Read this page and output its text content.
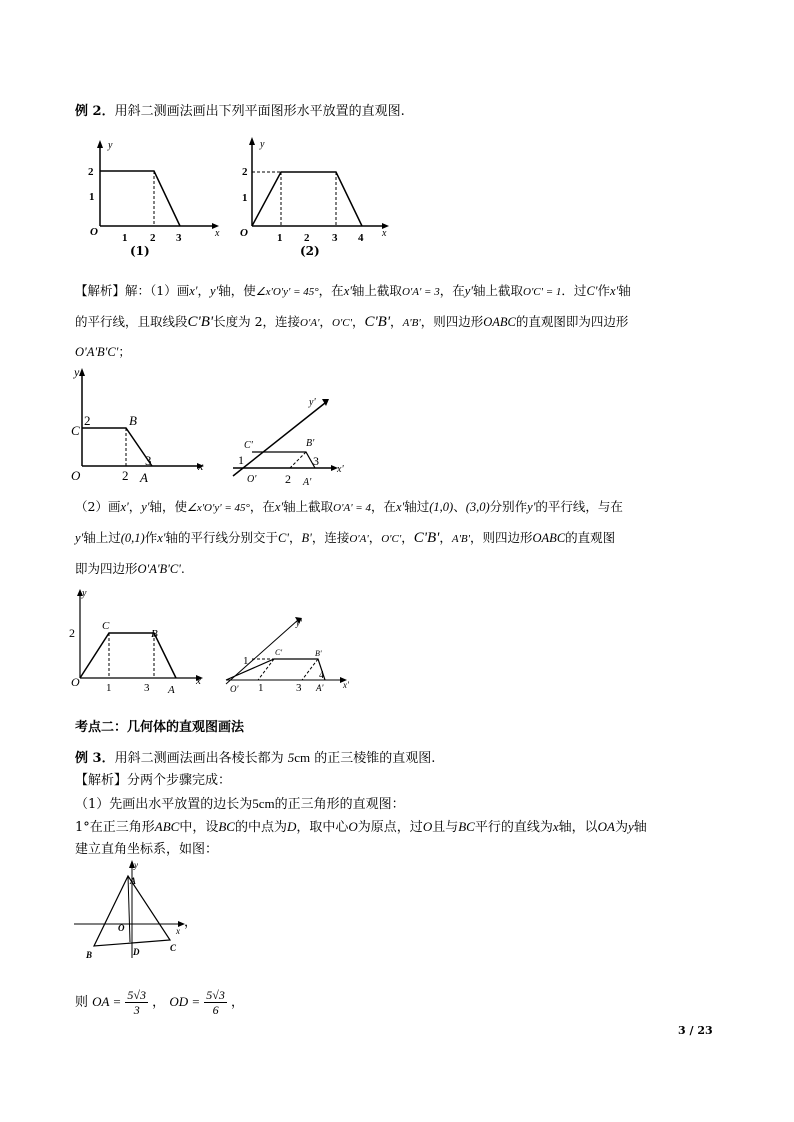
例 2．用斜二测画法画出下列平面图形水平放置的直观图.
y
x
O
2
1
1 2 3
(1)
y
x
O
2
1
1 2 3 4
(2)
【解析】解：（1）画x'，y'轴，使∠x'O'y' = 45°，在x'轴上截取O'A' = 3，在y'轴上截取O'C' = 1．过C'作x'轴
的平行线，且取线段C'B'长度为 2，连接O'A'，O'C'，C'B'，A'B'，则四边形OABC的直观图即为四边形
O'A'B'C'；
y
x
O
2
C
B
3
2 A
y'
x'
O'
1
C'	B'
3
2 A'
（2）画x'，y'轴，使∠x'O'y' = 45°，在x'轴上截取O'A' = 4，在x'轴过(1,0)、(3,0)分别作y'的平行线，与在
y'轴上过(0,1)作x'轴的平行线分别交于C'，B'，连接O'A'，O'C'，C'B'，A'B'，则四边形OABC的直观图
即为四边形O'A'B'C'.
y
x
O
2 C
B
1	3 A
y'
x'
O'
1
C'	B'
4
1	3 A'
考点二：几何体的直观图画法
例 3．用斜二测画法画出各棱长都为 5cm 的正三棱锥的直观图.
【解析】分两个步骤完成：
（1）先画出水平放置的边长为5cm的正三角形的直观图：
1°在正三角形ABC中，设BC的中点为D，取中心O为原点，过O且与BC平行的直线为x轴，以OA为y轴
建立直角坐标系，如图：
y
x
A
O
D
B
C
，
则 OA = $\frac{5√3}{3}$ ， OD = $\frac{5√3}{6}$ ，
3 / 23
